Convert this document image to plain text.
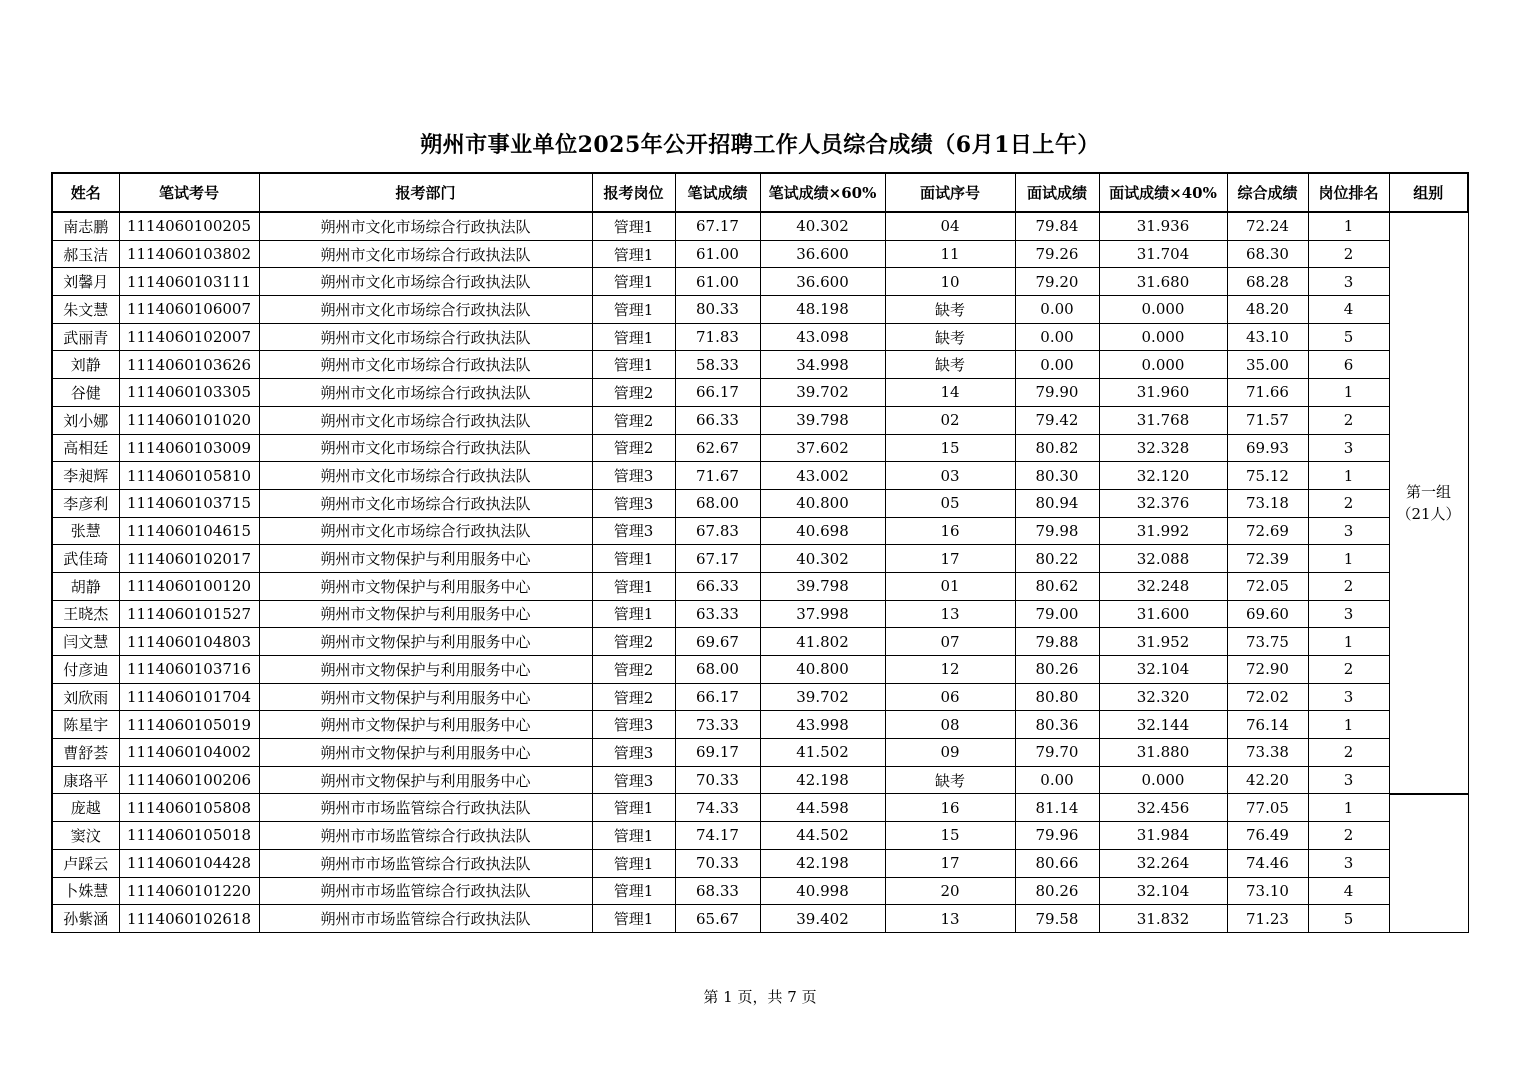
朔州市事业单位2025年公开招聘工作人员综合成绩（6月1日上午）
姓名	笔试考号	报考部门	报考岗位	笔试成绩	笔试成绩×60%	面试序号	面试成绩	面试成绩×40%	综合成绩	岗位排名	组别
南志鹏	1114060100205	朔州市文化市场综合行政执法队	管理1	67.17	40.302	04	79.84	31.936	72.24	1	第一组
（21人）
郝玉洁	1114060103802	朔州市文化市场综合行政执法队	管理1	61.00	36.600	11	79.26	31.704	68.30	2	
刘馨月	1114060103111	朔州市文化市场综合行政执法队	管理1	61.00	36.600	10	79.20	31.680	68.28	3	
朱文慧	1114060106007	朔州市文化市场综合行政执法队	管理1	80.33	48.198	缺考	0.00	0.000	48.20	4	
武丽青	1114060102007	朔州市文化市场综合行政执法队	管理1	71.83	43.098	缺考	0.00	0.000	43.10	5	
刘静	1114060103626	朔州市文化市场综合行政执法队	管理1	58.33	34.998	缺考	0.00	0.000	35.00	6	
谷健	1114060103305	朔州市文化市场综合行政执法队	管理2	66.17	39.702	14	79.90	31.960	71.66	1	
刘小娜	1114060101020	朔州市文化市场综合行政执法队	管理2	66.33	39.798	02	79.42	31.768	71.57	2	
高相廷	1114060103009	朔州市文化市场综合行政执法队	管理2	62.67	37.602	15	80.82	32.328	69.93	3	
李昶辉	1114060105810	朔州市文化市场综合行政执法队	管理3	71.67	43.002	03	80.30	32.120	75.12	1	
李彦利	1114060103715	朔州市文化市场综合行政执法队	管理3	68.00	40.800	05	80.94	32.376	73.18	2	
张慧	1114060104615	朔州市文化市场综合行政执法队	管理3	67.83	40.698	16	79.98	31.992	72.69	3	
武佳琦	1114060102017	朔州市文物保护与利用服务中心	管理1	67.17	40.302	17	80.22	32.088	72.39	1	
胡静	1114060100120	朔州市文物保护与利用服务中心	管理1	66.33	39.798	01	80.62	32.248	72.05	2	
王晓杰	1114060101527	朔州市文物保护与利用服务中心	管理1	63.33	37.998	13	79.00	31.600	69.60	3	
闫文慧	1114060104803	朔州市文物保护与利用服务中心	管理2	69.67	41.802	07	79.88	31.952	73.75	1	
付彦迪	1114060103716	朔州市文物保护与利用服务中心	管理2	68.00	40.800	12	80.26	32.104	72.90	2	
刘欣雨	1114060101704	朔州市文物保护与利用服务中心	管理2	66.17	39.702	06	80.80	32.320	72.02	3	
陈星宇	1114060105019	朔州市文物保护与利用服务中心	管理3	73.33	43.998	08	80.36	32.144	76.14	1	
曹舒荟	1114060104002	朔州市文物保护与利用服务中心	管理3	69.17	41.502	09	79.70	31.880	73.38	2	
康珞平	1114060100206	朔州市文物保护与利用服务中心	管理3	70.33	42.198	缺考	0.00	0.000	42.20	3	
庞越	1114060105808	朔州市市场监管综合行政执法队	管理1	74.33	44.598	16	81.14	32.456	77.05	1	
窦汶	1114060105018	朔州市市场监管综合行政执法队	管理1	74.17	44.502	15	79.96	31.984	76.49	2	
卢踩云	1114060104428	朔州市市场监管综合行政执法队	管理1	70.33	42.198	17	80.66	32.264	74.46	3	
卜姝慧	1114060101220	朔州市市场监管综合行政执法队	管理1	68.33	40.998	20	80.26	32.104	73.10	4	
孙紫涵	1114060102618	朔州市市场监管综合行政执法队	管理1	65.67	39.402	13	79.58	31.832	71.23	5	
第 1 页，共 7 页
